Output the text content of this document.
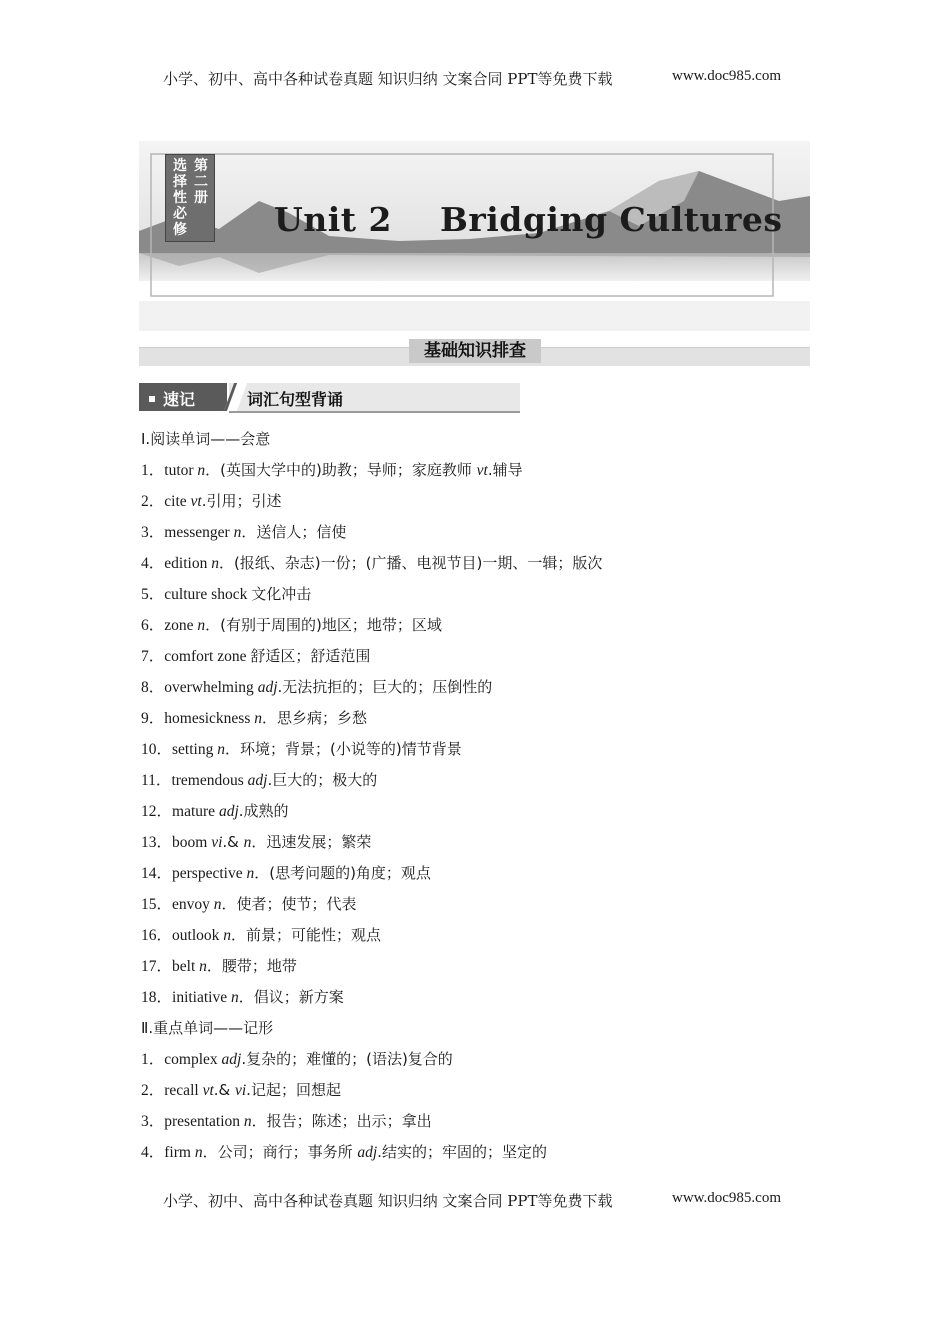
小学、初中、高中各种试卷真题 知识归纳 文案合同 PPT等免费下载	www.doc985.com
选
择
性
必
修
第
二
册
Unit 2    Bridging Cultures
基础知识排查
速记	词汇句型背诵
Ⅰ.阅读单词——会意
1．tutor n．(英国大学中的)助教；导师；家庭教师 vt.辅导
2．cite vt.引用；引述
3．messenger n．送信人；信使
4．edition n．(报纸、杂志)一份；(广播、电视节目)一期、一辑；版次
5．culture shock 文化冲击
6．zone n．(有别于周围的)地区；地带；区域
7．comfort zone 舒适区；舒适范围
8．overwhelming adj.无法抗拒的；巨大的；压倒性的
9．homesickness n．思乡病；乡愁
10．setting n．环境；背景；(小说等的)情节背景
11．tremendous adj.巨大的；极大的
12．mature adj.成熟的
13．boom vi.& n．迅速发展；繁荣
14．perspective n．(思考问题的)角度；观点
15．envoy n．使者；使节；代表
16．outlook n．前景；可能性；观点
17．belt n．腰带；地带
18．initiative n．倡议；新方案
Ⅱ.重点单词——记形
1．complex adj.复杂的；难懂的；(语法)复合的
2．recall vt.& vi.记起；回想起
3．presentation n．报告；陈述；出示；拿出
4．firm n．公司；商行；事务所 adj.结实的；牢固的；坚定的
小学、初中、高中各种试卷真题 知识归纳 文案合同 PPT等免费下载	www.doc985.com
